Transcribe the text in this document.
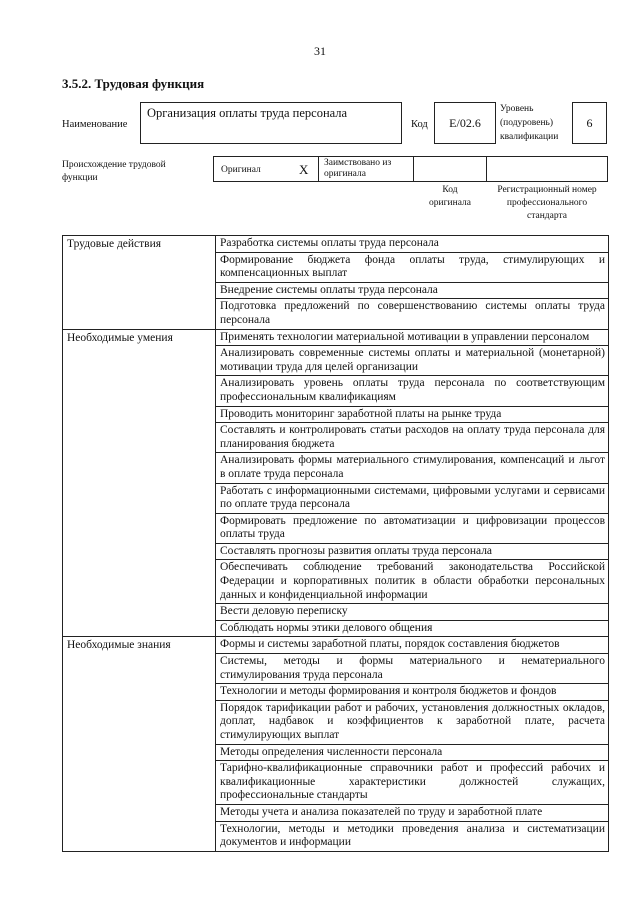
31
3.5.2. Трудовая функция
Наименование
Организация оплаты труда персонала
Код	E/02.6
Уровень
(подуровень)
квалификации
6
Происхождение трудовой
функции
Оригинал	X Заимствовано из
оригинала
Код
оригинала
Регистрационный номер
профессионального
стандарта
Трудовые действия	Разработка системы оплаты труда персонала
	Формирование бюджета фонда оплаты труда, стимулирующих и компенсационных выплат
	Внедрение системы оплаты труда персонала
	Подготовка предложений по совершенствованию системы оплаты труда персонала
Необходимые умения	Применять технологии материальной мотивации в управлении персоналом
	Анализировать современные системы оплаты и материальной (монетарной) мотивации труда для целей организации
	Анализировать уровень оплаты труда персонала по соответствующим профессиональным квалификациям
	Проводить мониторинг заработной платы на рынке труда
	Составлять и контролировать статьи расходов на оплату труда персонала для планирования бюджета
	Анализировать формы материального стимулирования, компенсаций и льгот в оплате труда персонала
	Работать с информационными системами, цифровыми услугами и сервисами по оплате труда персонала
	Формировать предложение по автоматизации и цифровизации процессов оплаты труда
	Составлять прогнозы развития оплаты труда персонала
	Обеспечивать соблюдение требований законодательства Российской Федерации и корпоративных политик в области обработки персональных данных и конфиденциальной информации
	Вести деловую переписку
	Соблюдать нормы этики делового общения
Необходимые знания	Формы и системы заработной платы, порядок составления бюджетов
	Системы, методы и формы материального и нематериального стимулирования труда персонала
	Технологии и методы формирования и контроля бюджетов и фондов
	Порядок тарификации работ и рабочих, установления должностных окладов, доплат, надбавок и коэффициентов к заработной плате, расчета стимулирующих выплат
	Методы определения численности персонала
	Тарифно-квалификационные справочники работ и профессий рабочих и квалификационные характеристики должностей служащих, профессиональные стандарты
	Методы учета и анализа показателей по труду и заработной плате
	Технологии, методы и методики проведения анализа и систематизации документов и информации
